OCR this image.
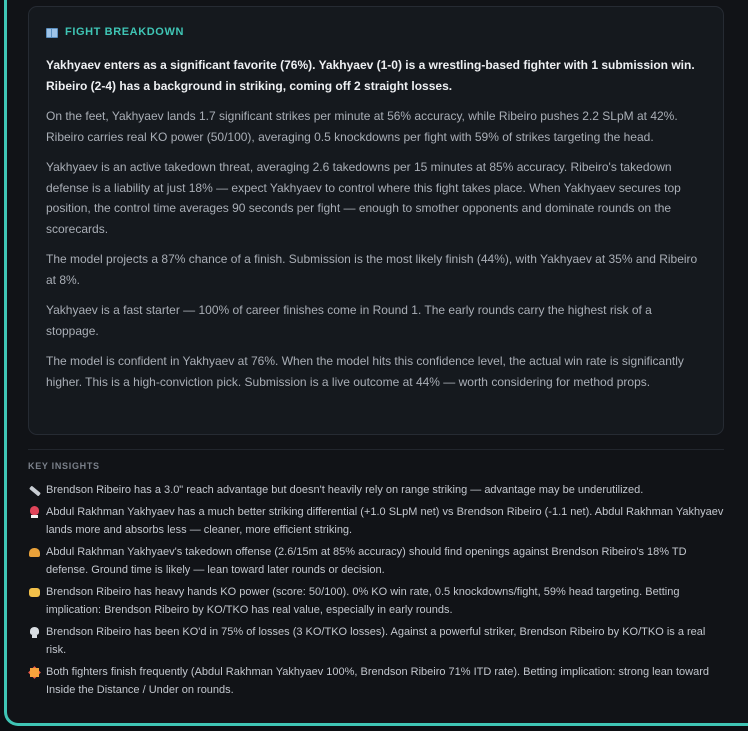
FIGHT BREAKDOWN

Yakhyaev enters as a significant favorite (76%). Yakhyaev (1-0) is a wrestling-based fighter with 1 submission win. Ribeiro (2-4) has a background in striking, coming off 2 straight losses.

On the feet, Yakhyaev lands 1.7 significant strikes per minute at 56% accuracy, while Ribeiro pushes 2.2 SLpM at 42%. Ribeiro carries real KO power (50/100), averaging 0.5 knockdowns per fight with 59% of strikes targeting the head.

Yakhyaev is an active takedown threat, averaging 2.6 takedowns per 15 minutes at 85% accuracy. Ribeiro's takedown defense is a liability at just 18% — expect Yakhyaev to control where this fight takes place. When Yakhyaev secures top position, the control time averages 90 seconds per fight — enough to smother opponents and dominate rounds on the scorecards.

The model projects a 87% chance of a finish. Submission is the most likely finish (44%), with Yakhyaev at 35% and Ribeiro at 8%.

Yakhyaev is a fast starter — 100% of career finishes come in Round 1. The early rounds carry the highest risk of a stoppage.

The model is confident in Yakhyaev at 76%. When the model hits this confidence level, the actual win rate is significantly higher. This is a high-conviction pick. Submission is a live outcome at 44% — worth considering for method props.

KEY INSIGHTS
Brendson Ribeiro has a 3.0" reach advantage but doesn't heavily rely on range striking — advantage may be underutilized.
Abdul Rakhman Yakhyaev has a much better striking differential (+1.0 SLpM net) vs Brendson Ribeiro (-1.1 net). Abdul Rakhman Yakhyaev lands more and absorbs less — cleaner, more efficient striking.
Abdul Rakhman Yakhyaev's takedown offense (2.6/15m at 85% accuracy) should find openings against Brendson Ribeiro's 18% TD defense. Ground time is likely — lean toward later rounds or decision.
Brendson Ribeiro has heavy hands KO power (score: 50/100). 0% KO win rate, 0.5 knockdowns/fight, 59% head targeting. Betting implication: Brendson Ribeiro by KO/TKO has real value, especially in early rounds.
Brendson Ribeiro has been KO'd in 75% of losses (3 KO/TKO losses). Against a powerful striker, Brendson Ribeiro by KO/TKO is a real risk.
Both fighters finish frequently (Abdul Rakhman Yakhyaev 100%, Brendson Ribeiro 71% ITD rate). Betting implication: strong lean toward Inside the Distance / Under on rounds.
